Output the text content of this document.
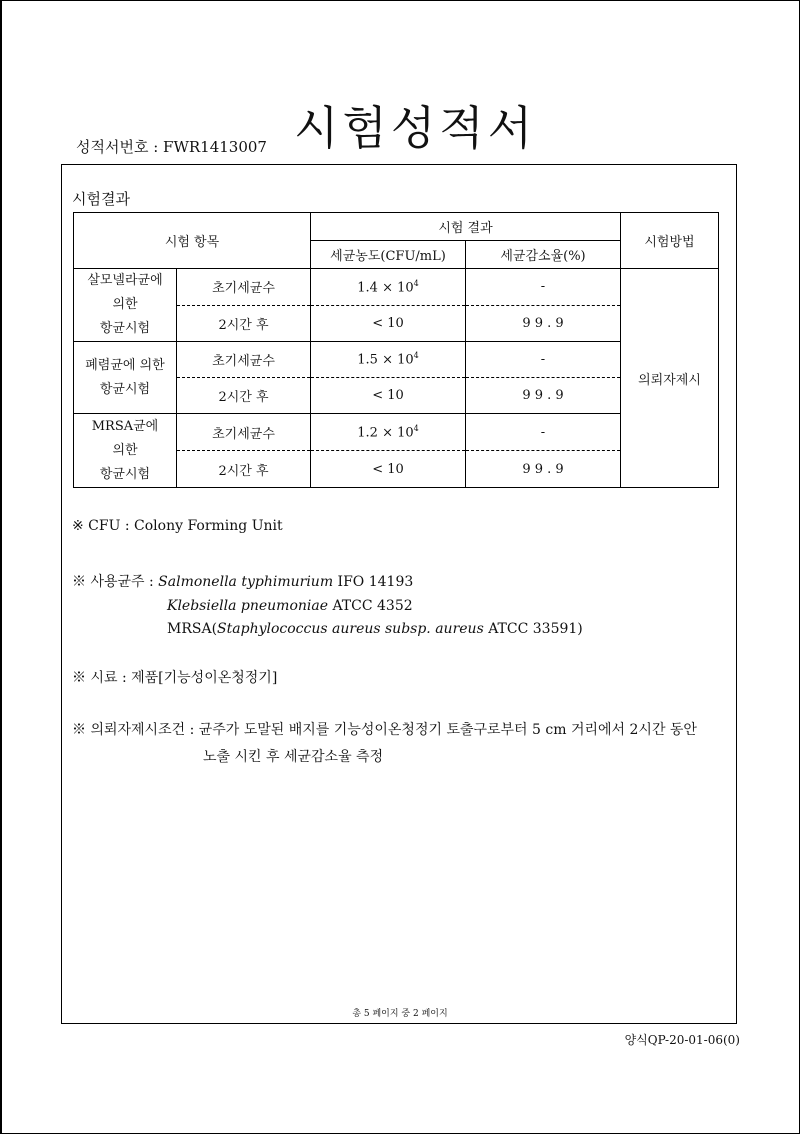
시험성적서
성적서번호 : FWR1413007
시험결과
시험 항목		시험 결과		시험방법
		세균농도(CFU/mL)	세균감소율(%)	

살모넬라균에
의한
항균시험	초기세균수	$1.4 \times 10^4$	-	의뢰자제시
	2시간 후	< 10	9 9 . 9	

폐렴균에 의한
항균시험	초기세균수	$1.5 \times 10^4$	-	
	2시간 후	< 10	9 9 . 9	

MRSA균에
의한
항균시험	초기세균수	$1.2 \times 10^4$	-	
	2시간 후	< 10	9 9 . 9	
※ CFU : Colony Forming Unit
※ 사용균주 : Salmonella typhimurium IFO 14193
Klebsiella pneumoniae ATCC 4352
MRSA(Staphylococcus aureus subsp. aureus ATCC 33591)
※ 시료 : 제품[기능성이온청정기]
※ 의뢰자제시조건 : 균주가 도말된 배지를 기능성이온청정기 토출구로부터 5 cm 거리에서 2시간 동안
노출 시킨 후 세균감소율 측정
총 5 페이지 중 2 페이지
양식QP-20-01-06(0)
